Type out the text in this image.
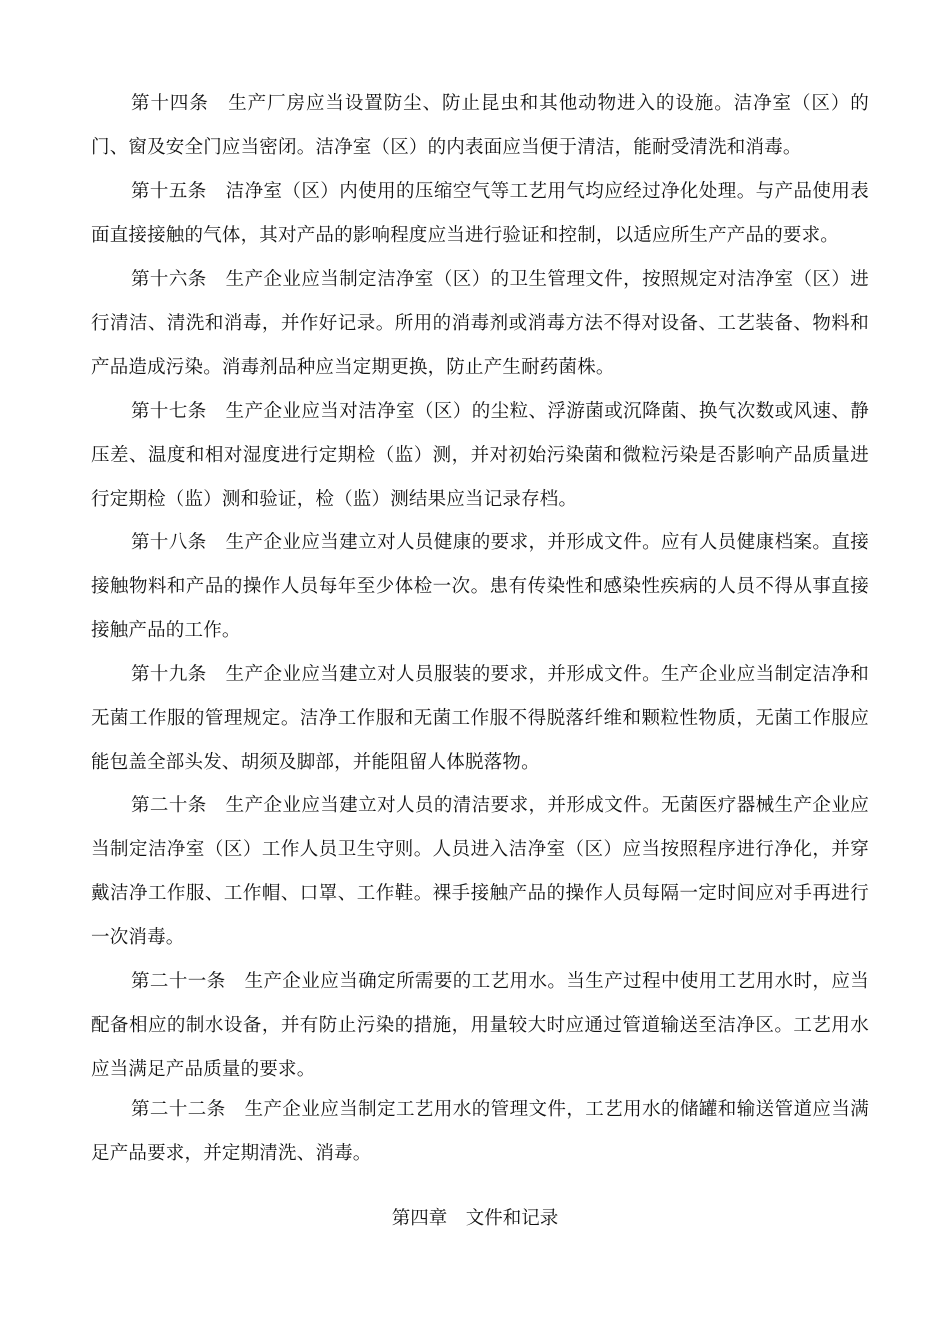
第十四条　生产厂房应当设置防尘、防止昆虫和其他动物进入的设施。洁净室（区）的门、窗及安全门应当密闭。洁净室（区）的内表面应当便于清洁，能耐受清洗和消毒。

第十五条　洁净室（区）内使用的压缩空气等工艺用气均应经过净化处理。与产品使用表面直接接触的气体，其对产品的影响程度应当进行验证和控制，以适应所生产产品的要求。

第十六条　生产企业应当制定洁净室（区）的卫生管理文件，按照规定对洁净室（区）进行清洁、清洗和消毒，并作好记录。所用的消毒剂或消毒方法不得对设备、工艺装备、物料和产品造成污染。消毒剂品种应当定期更换，防止产生耐药菌株。

第十七条　生产企业应当对洁净室（区）的尘粒、浮游菌或沉降菌、换气次数或风速、静压差、温度和相对湿度进行定期检（监）测，并对初始污染菌和微粒污染是否影响产品质量进行定期检（监）测和验证，检（监）测结果应当记录存档。

第十八条　生产企业应当建立对人员健康的要求，并形成文件。应有人员健康档案。直接接触物料和产品的操作人员每年至少体检一次。患有传染性和感染性疾病的人员不得从事直接接触产品的工作。

第十九条　生产企业应当建立对人员服装的要求，并形成文件。生产企业应当制定洁净和无菌工作服的管理规定。洁净工作服和无菌工作服不得脱落纤维和颗粒性物质，无菌工作服应能包盖全部头发、胡须及脚部，并能阻留人体脱落物。

第二十条　生产企业应当建立对人员的清洁要求，并形成文件。无菌医疗器械生产企业应当制定洁净室（区）工作人员卫生守则。人员进入洁净室（区）应当按照程序进行净化，并穿戴洁净工作服、工作帽、口罩、工作鞋。裸手接触产品的操作人员每隔一定时间应对手再进行一次消毒。

第二十一条　生产企业应当确定所需要的工艺用水。当生产过程中使用工艺用水时，应当配备相应的制水设备，并有防止污染的措施，用量较大时应通过管道输送至洁净区。工艺用水应当满足产品质量的要求。

第二十二条　生产企业应当制定工艺用水的管理文件，工艺用水的储罐和输送管道应当满足产品要求，并定期清洗、消毒。

第四章　文件和记录
